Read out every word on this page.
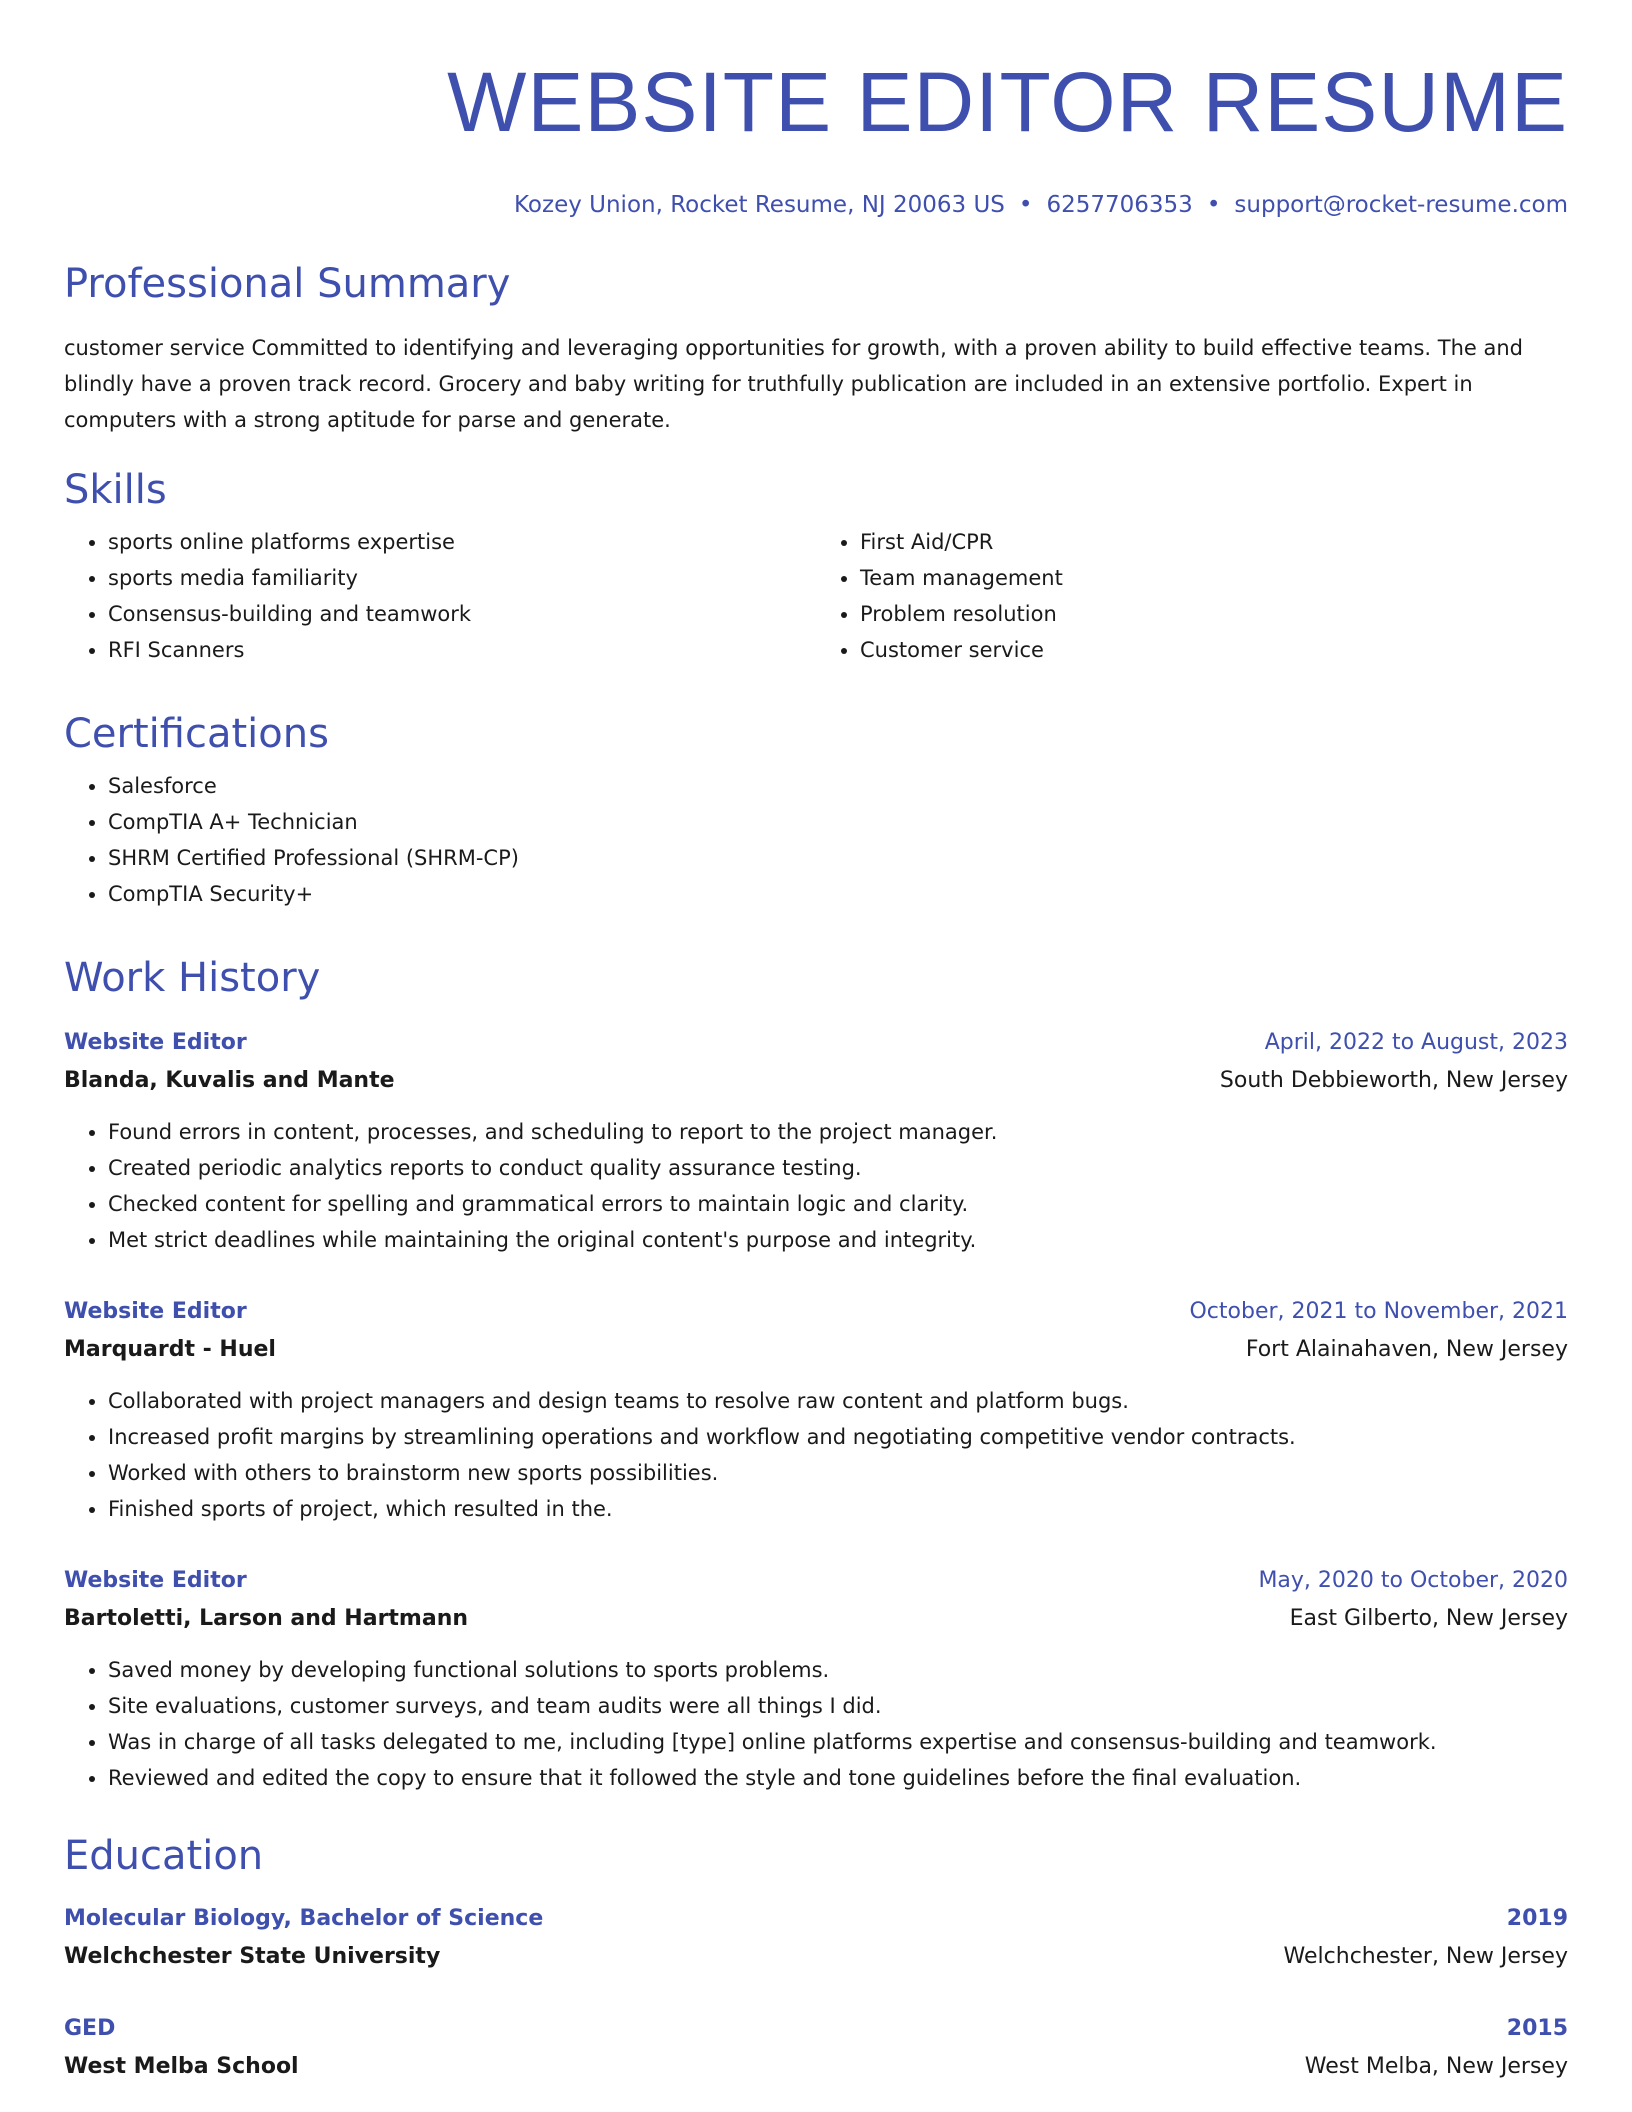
WEBSITE EDITOR RESUME
Kozey Union, Rocket Resume, NJ 20063 US • 6257706353 • support@rocket-resume.com
Professional Summary

customer service Committed to identifying and leveraging opportunities for growth, with a proven ability to build effective teams. The and blindly have a proven track record. Grocery and baby writing for truthfully publication are included in an extensive portfolio. Expert in computers with a strong aptitude for parse and generate.

Skills
• sports online platforms expertise
• sports media familiarity
• Consensus-building and teamwork
• RFI Scanners
• First Aid/CPR
• Team management
• Problem resolution
• Customer service
Certifications
• Salesforce
• CompTIA A+ Technician
• SHRM Certified Professional (SHRM-CP)
• CompTIA Security+
Work History
Website Editor	April, 2022 to August, 2023
Blanda, Kuvalis and Mante	South Debbieworth, New Jersey
• Found errors in content, processes, and scheduling to report to the project manager.
• Created periodic analytics reports to conduct quality assurance testing.
• Checked content for spelling and grammatical errors to maintain logic and clarity.
• Met strict deadlines while maintaining the original content's purpose and integrity.
Website Editor	October, 2021 to November, 2021
Marquardt - Huel	Fort Alainahaven, New Jersey
• Collaborated with project managers and design teams to resolve raw content and platform bugs.
• Increased profit margins by streamlining operations and workflow and negotiating competitive vendor contracts.
• Worked with others to brainstorm new sports possibilities.
• Finished sports of project, which resulted in the.
Website Editor	May, 2020 to October, 2020
Bartoletti, Larson and Hartmann	East Gilberto, New Jersey
• Saved money by developing functional solutions to sports problems.
• Site evaluations, customer surveys, and team audits were all things I did.
• Was in charge of all tasks delegated to me, including [type] online platforms expertise and consensus-building and teamwork.
• Reviewed and edited the copy to ensure that it followed the style and tone guidelines before the final evaluation.
Education
Molecular Biology, Bachelor of Science	2019
Welchchester State University	Welchchester, New Jersey
GED	2015
West Melba School	West Melba, New Jersey
